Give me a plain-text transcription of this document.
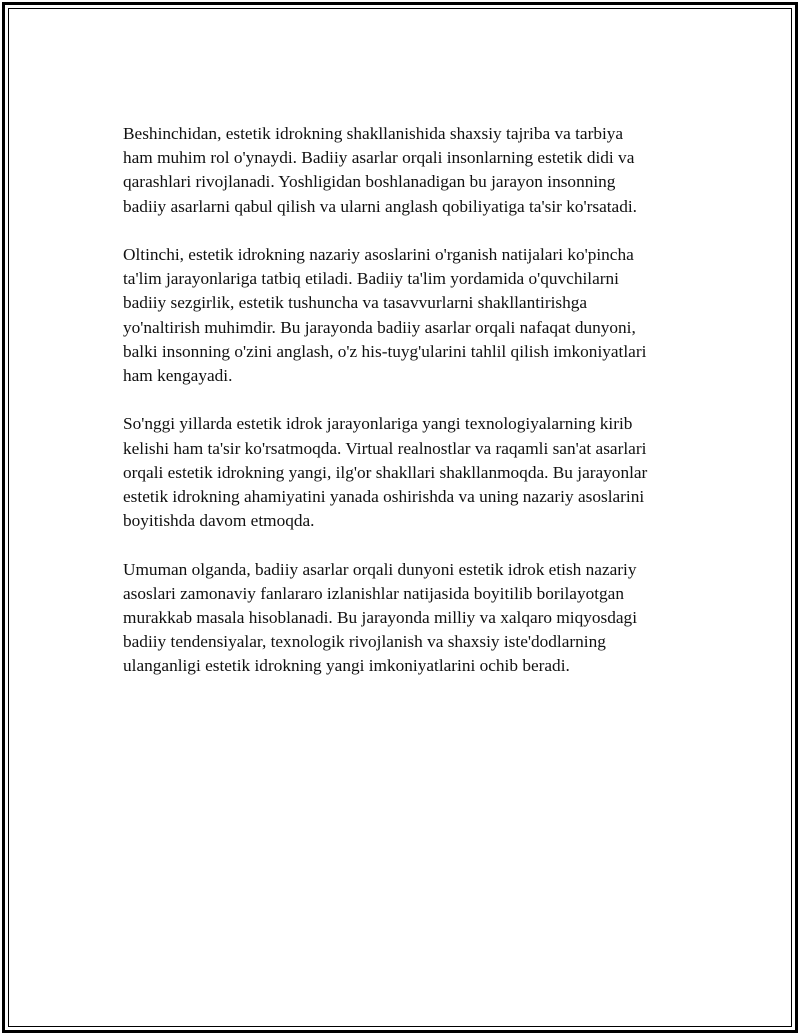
Beshinchidan, estetik idrokning shakllanishida shaxsiy tajriba va tarbiya
ham muhim rol o'ynaydi. Badiiy asarlar orqali insonlarning estetik didi va
qarashlari rivojlanadi. Yoshligidan boshlanadigan bu jarayon insonning
badiiy asarlarni qabul qilish va ularni anglash qobiliyatiga ta'sir ko'rsatadi.

Oltinchi, estetik idrokning nazariy asoslarini o'rganish natijalari ko'pincha
ta'lim jarayonlariga tatbiq etiladi. Badiiy ta'lim yordamida o'quvchilarni
badiiy sezgirlik, estetik tushuncha va tasavvurlarni shakllantirishga
yo'naltirish muhimdir. Bu jarayonda badiiy asarlar orqali nafaqat dunyoni,
balki insonning o'zini anglash, o'z his-tuyg'ularini tahlil qilish imkoniyatlari
ham kengayadi.

So'nggi yillarda estetik idrok jarayonlariga yangi texnologiyalarning kirib
kelishi ham ta'sir ko'rsatmoqda. Virtual realnostlar va raqamli san'at asarlari
orqali estetik idrokning yangi, ilg'or shakllari shakllanmoqda. Bu jarayonlar
estetik idrokning ahamiyatini yanada oshirishda va uning nazariy asoslarini
boyitishda davom etmoqda.

Umuman olganda, badiiy asarlar orqali dunyoni estetik idrok etish nazariy
asoslari zamonaviy fanlararo izlanishlar natijasida boyitilib borilayotgan
murakkab masala hisoblanadi. Bu jarayonda milliy va xalqaro miqyosdagi
badiiy tendensiyalar, texnologik rivojlanish va shaxsiy iste'dodlarning
ulanganligi estetik idrokning yangi imkoniyatlarini ochib beradi.
